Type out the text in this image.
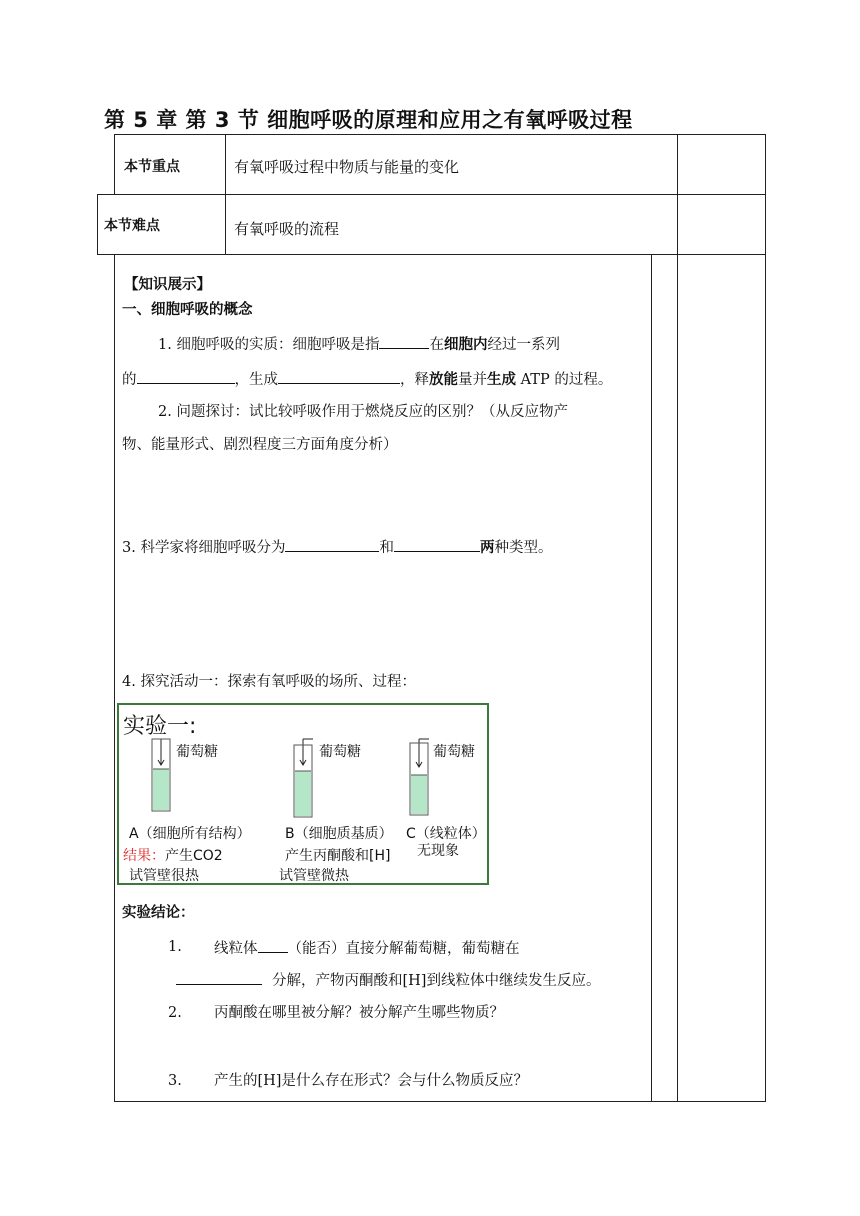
第 5 章 第 3 节 细胞呼吸的原理和应用之有氧呼吸过程
本节重点	有氧呼吸过程中物质与能量的变化
本节难点	有氧呼吸的流程
【知识展示】
一、细胞呼吸的概念
1. 细胞呼吸的实质：细胞呼吸是指	在细胞内经过一系列
的	，生成	，释放能量并生成 ATP 的过程。
2. 问题探讨：试比较呼吸作用于燃烧反应的区别？（从反应物产
物、能量形式、剧烈程度三方面角度分析）
3. 科学家将细胞呼吸分为	和	两种类型。
4. 探究活动一：探索有氧呼吸的场所、过程：
实验一:
葡萄糖	葡萄糖	葡萄糖
A（细胞所有结构） B（细胞质基质） C（线粒体）
结果：产生CO2
试管壁很热
产生丙酮酸和[H]
试管壁微热
无现象
实验结论：
1. 线粒体 （能否）直接分解葡萄糖，葡萄糖在
分解，产物丙酮酸和[H]到线粒体中继续发生反应。
2. 丙酮酸在哪里被分解？被分解产生哪些物质？
3. 产生的[H]是什么存在形式？会与什么物质反应？
